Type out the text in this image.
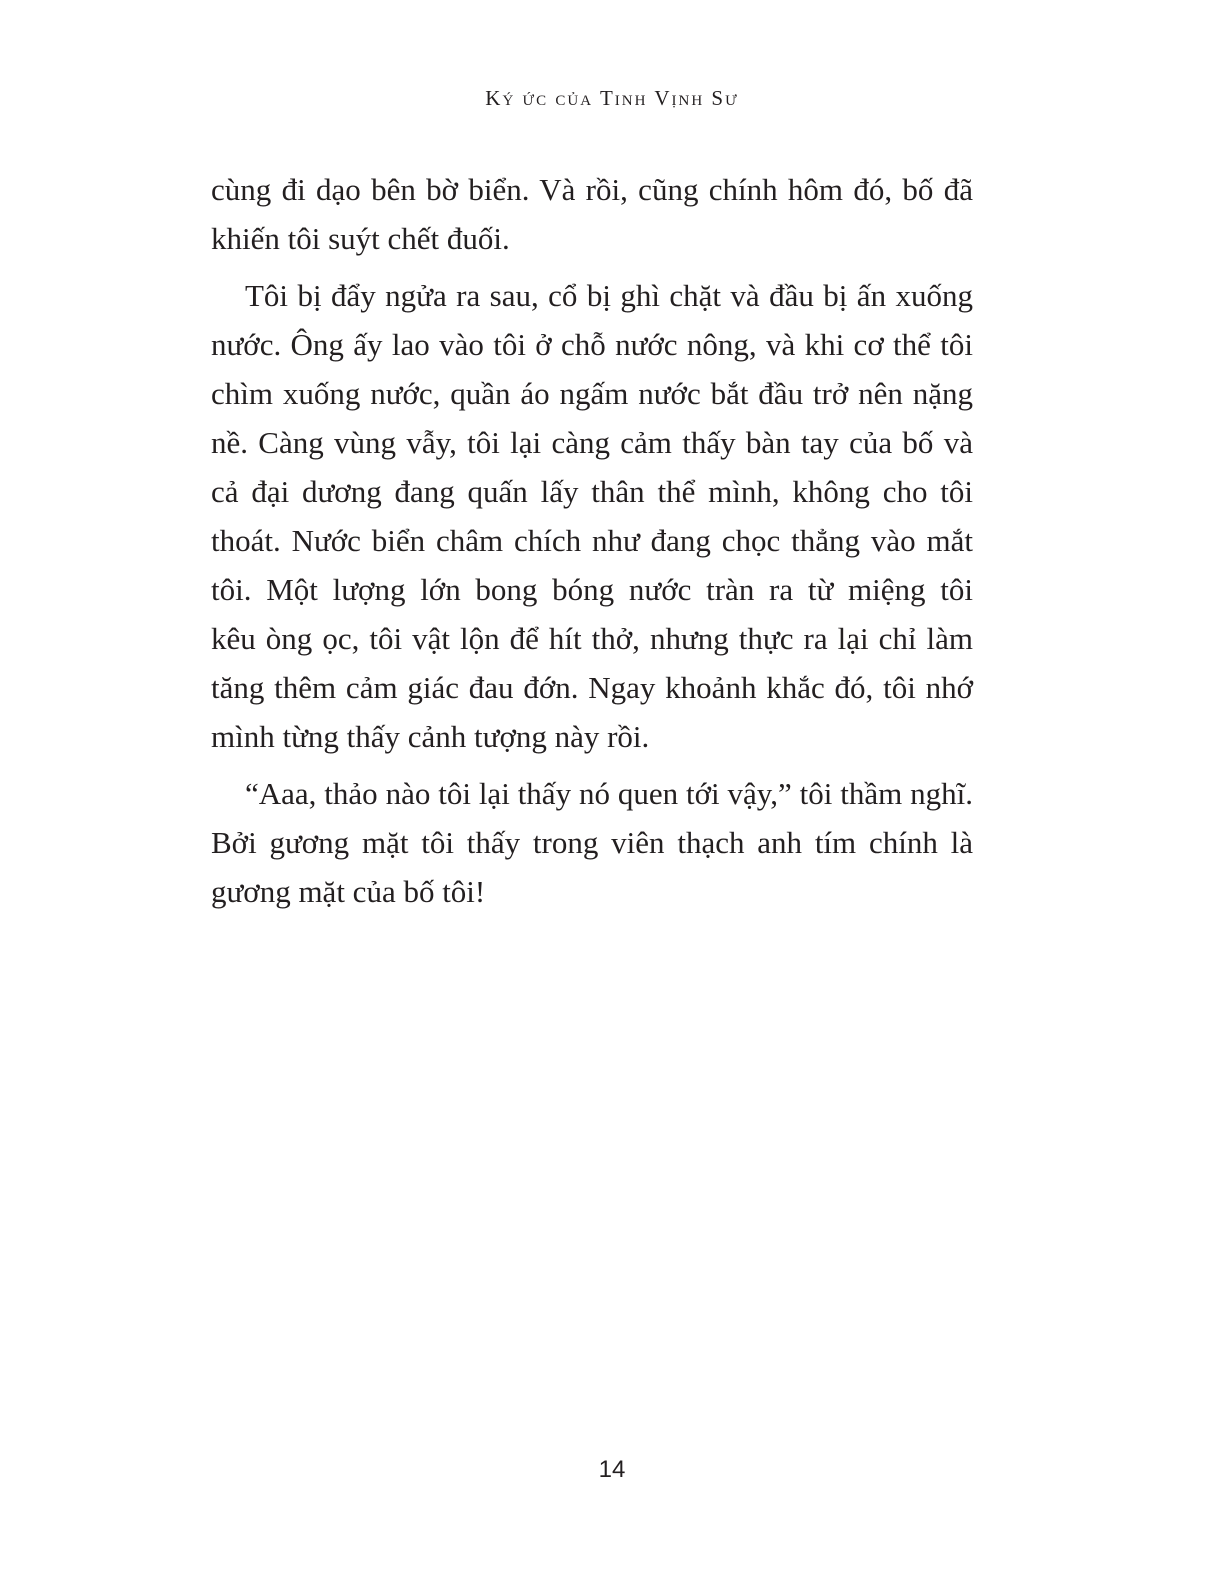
Ký ức của Tinh Vịnh Sư

cùng đi dạo bên bờ biển. Và rồi, cũng chính hôm đó, bố đã
khiến tôi suýt chết đuối.

Tôi bị đẩy ngửa ra sau, cổ bị ghì chặt và đầu bị ấn xuống
nước. Ông ấy lao vào tôi ở chỗ nước nông, và khi cơ thể tôi
chìm xuống nước, quần áo ngấm nước bắt đầu trở nên nặng
nề. Càng vùng vẫy, tôi lại càng cảm thấy bàn tay của bố và
cả đại dương đang quấn lấy thân thể mình, không cho tôi
thoát. Nước biển châm chích như đang chọc thẳng vào mắt
tôi. Một lượng lớn bong bóng nước tràn ra từ miệng tôi
kêu òng ọc, tôi vật lộn để hít thở, nhưng thực ra lại chỉ làm
tăng thêm cảm giác đau đớn. Ngay khoảnh khắc đó, tôi nhớ
mình từng thấy cảnh tượng này rồi.

“Aaa, thảo nào tôi lại thấy nó quen tới vậy,” tôi thầm nghĩ.
Bởi gương mặt tôi thấy trong viên thạch anh tím chính là
gương mặt của bố tôi!

14
